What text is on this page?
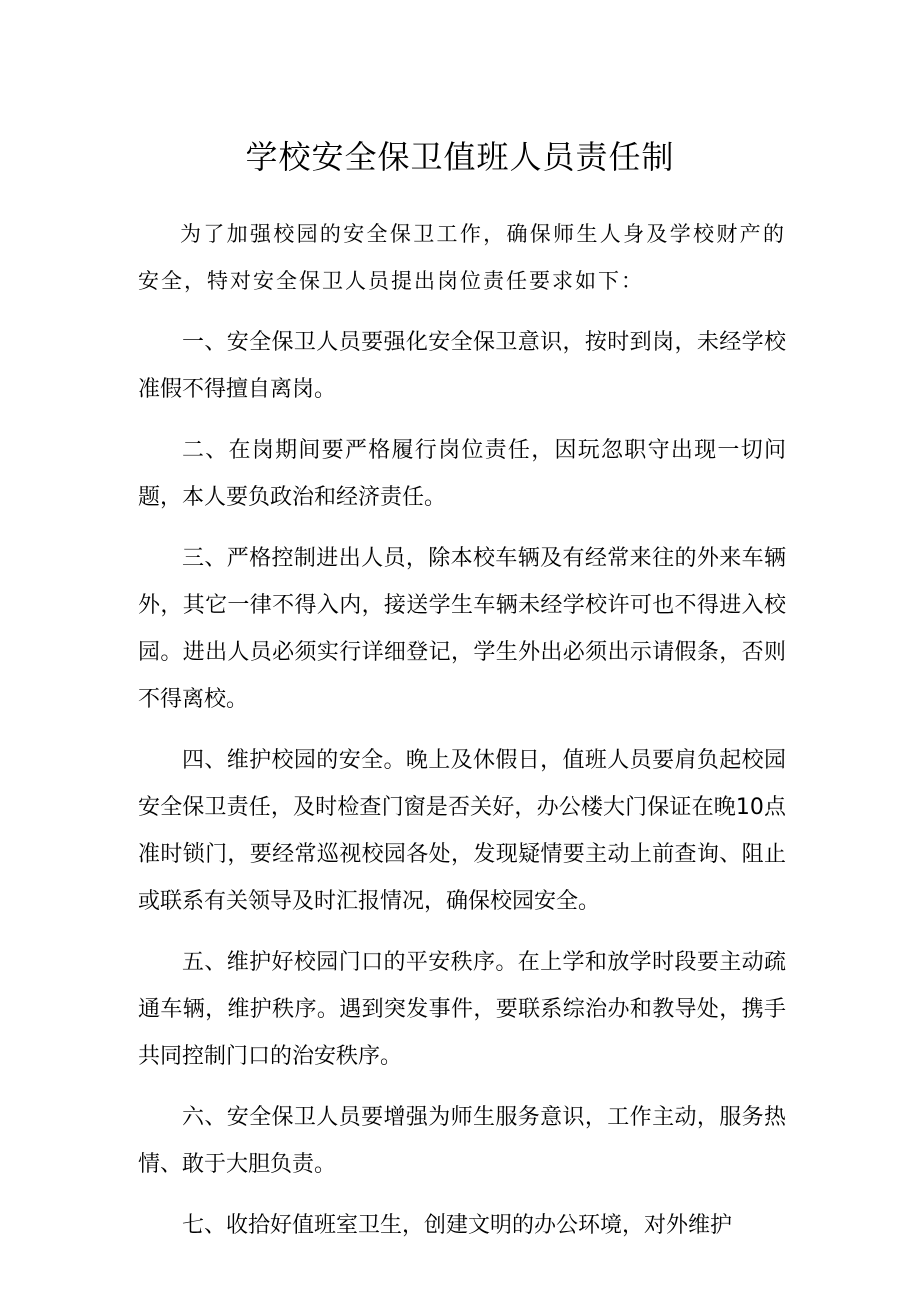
学校安全保卫值班人员责任制

为了加强校园的安全保卫工作，确保师生人身及学校财产的安全，特对安全保卫人员提出岗位责任要求如下：

一、安全保卫人员要强化安全保卫意识，按时到岗，未经学校准假不得擅自离岗。

二、在岗期间要严格履行岗位责任，因玩忽职守出现一切问题，本人要负政治和经济责任。

三、严格控制进出人员，除本校车辆及有经常来往的外来车辆外，其它一律不得入内，接送学生车辆未经学校许可也不得进入校园。进出人员必须实行详细登记，学生外出必须出示请假条，否则不得离校。

四、维护校园的安全。晚上及休假日，值班人员要肩负起校园安全保卫责任，及时检查门窗是否关好，办公楼大门保证在晚10点准时锁门，要经常巡视校园各处，发现疑情要主动上前查询、阻止或联系有关领导及时汇报情况，确保校园安全。

五、维护好校园门口的平安秩序。在上学和放学时段要主动疏通车辆，维护秩序。遇到突发事件，要联系综治办和教导处，携手共同控制门口的治安秩序。

六、安全保卫人员要增强为师生服务意识，工作主动，服务热情、敢于大胆负责。

七、收拾好值班室卫生，创建文明的办公环境，对外维护
